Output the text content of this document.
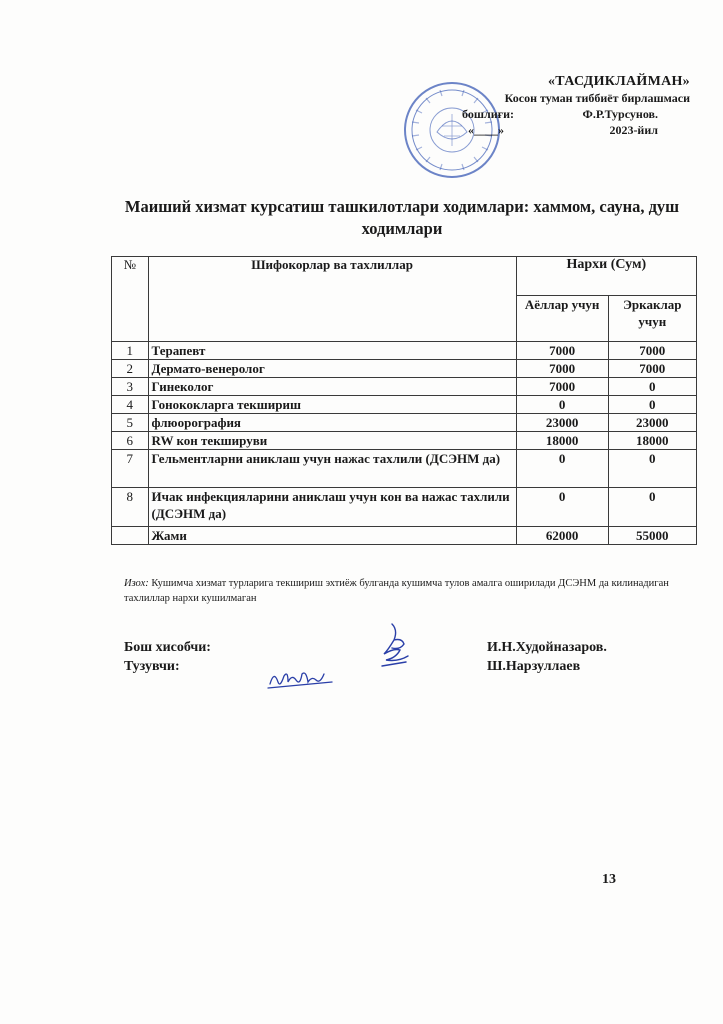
«ТАСДИКЛАЙМАН»
Косон туман тиббиёт бирлашмаси
бошлиғи:	Ф.Р.Турсунов.
«____»	2023-йил
Маиший хизмат курсатиш ташкилотлари ходимлари: хаммом, сауна, душ ходимлари
№	Шифокорлар ва тахлиллар	Нархи (Сум)	
		Аёллар учун	Эркаклар учун
1	Терапевт	7000	7000
2	Дермато-венеролог	7000	7000
3	Гинеколог	7000	0
4	Гонококларга текшириш	0	0
5	флюорография	23000	23000
6	RW кон текшируви	18000	18000
7	Гельментларни аниклаш учун нажас тахлили (ДСЭНМ да)	0	0
8	Ичак инфекцияларини аниклаш учун кон ва нажас тахлили (ДСЭНМ да)	0	0
	Жами	62000	55000
Изох: Кушимча хизмат турларига текшириш эхтиёж булганда кушимча тулов амалга оширилади ДСЭНМ да килинадиган тахлиллар нархи кушилмаган
Бош хисобчи:
Тузувчи:
И.Н.Худойназаров.
Ш.Нарзуллаев
13
